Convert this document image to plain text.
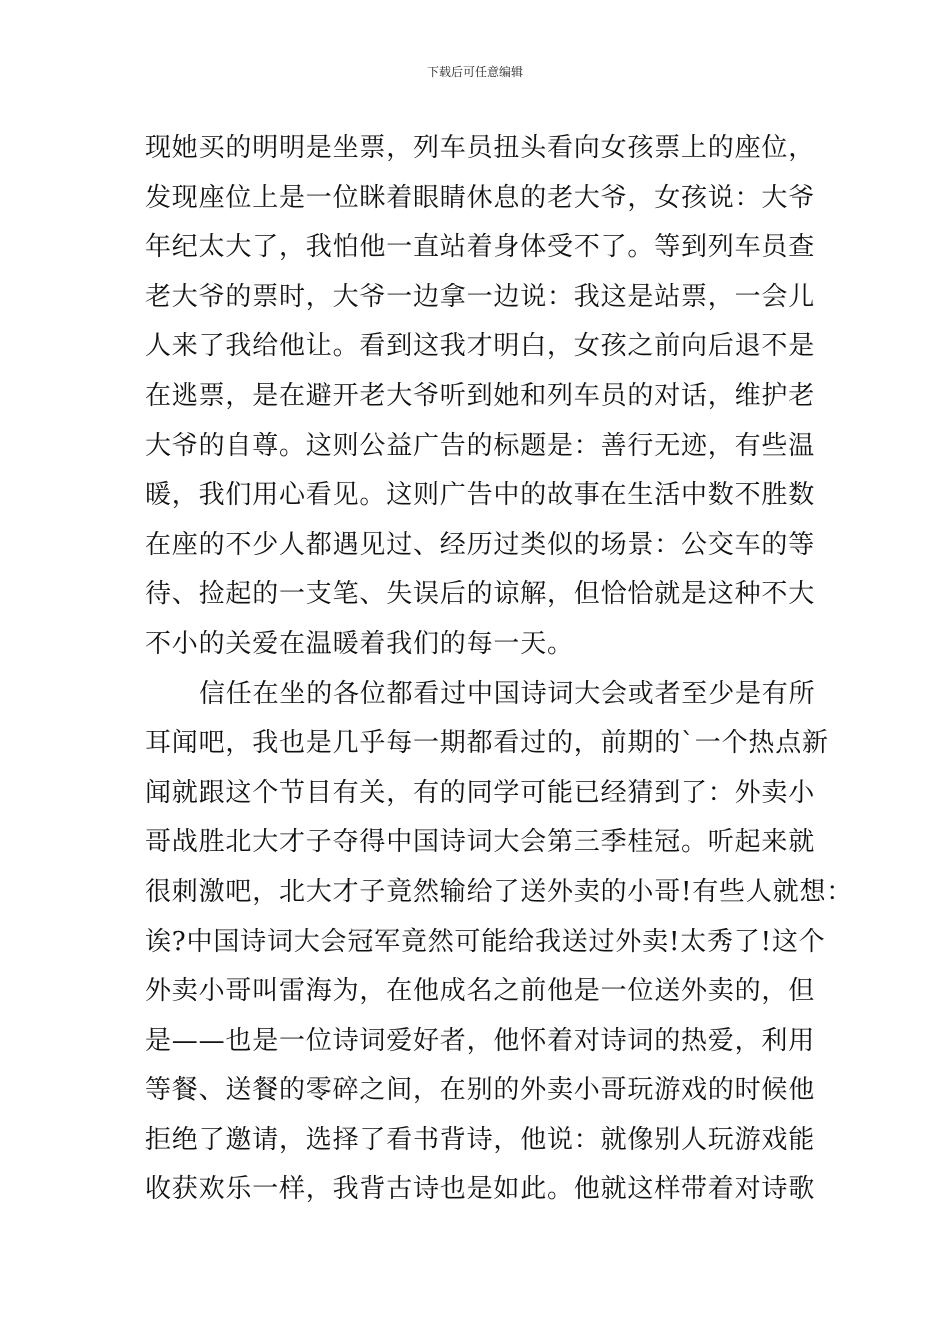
下载后可任意编辑
现她买的明明是坐票，列车员扭头看向女孩票上的座位，
发现座位上是一位眯着眼睛休息的老大爷，女孩说：大爷
年纪太大了，我怕他一直站着身体受不了。等到列车员查
老大爷的票时，大爷一边拿一边说：我这是站票，一会儿
人来了我给他让。看到这我才明白，女孩之前向后退不是
在逃票，是在避开老大爷听到她和列车员的对话，维护老
大爷的自尊。这则公益广告的标题是：善行无迹，有些温
暖，我们用心看见。这则广告中的故事在生活中数不胜数
在座的不少人都遇见过、经历过类似的场景：公交车的等
待、捡起的一支笔、失误后的谅解，但恰恰就是这种不大
不小的关爱在温暖着我们的每一天。
信任在坐的各位都看过中国诗词大会或者至少是有所
耳闻吧，我也是几乎每一期都看过的，前期的`一个热点新
闻就跟这个节目有关，有的同学可能已经猜到了：外卖小
哥战胜北大才子夺得中国诗词大会第三季桂冠。听起来就
很刺激吧，北大才子竟然输给了送外卖的小哥!有些人就想：
诶?中国诗词大会冠军竟然可能给我送过外卖!太秀了!这个
外卖小哥叫雷海为，在他成名之前他是一位送外卖的，但
是——也是一位诗词爱好者，他怀着对诗词的热爱，利用
等餐、送餐的零碎之间，在别的外卖小哥玩游戏的时候他
拒绝了邀请，选择了看书背诗，他说：就像别人玩游戏能
收获欢乐一样，我背古诗也是如此。他就这样带着对诗歌
